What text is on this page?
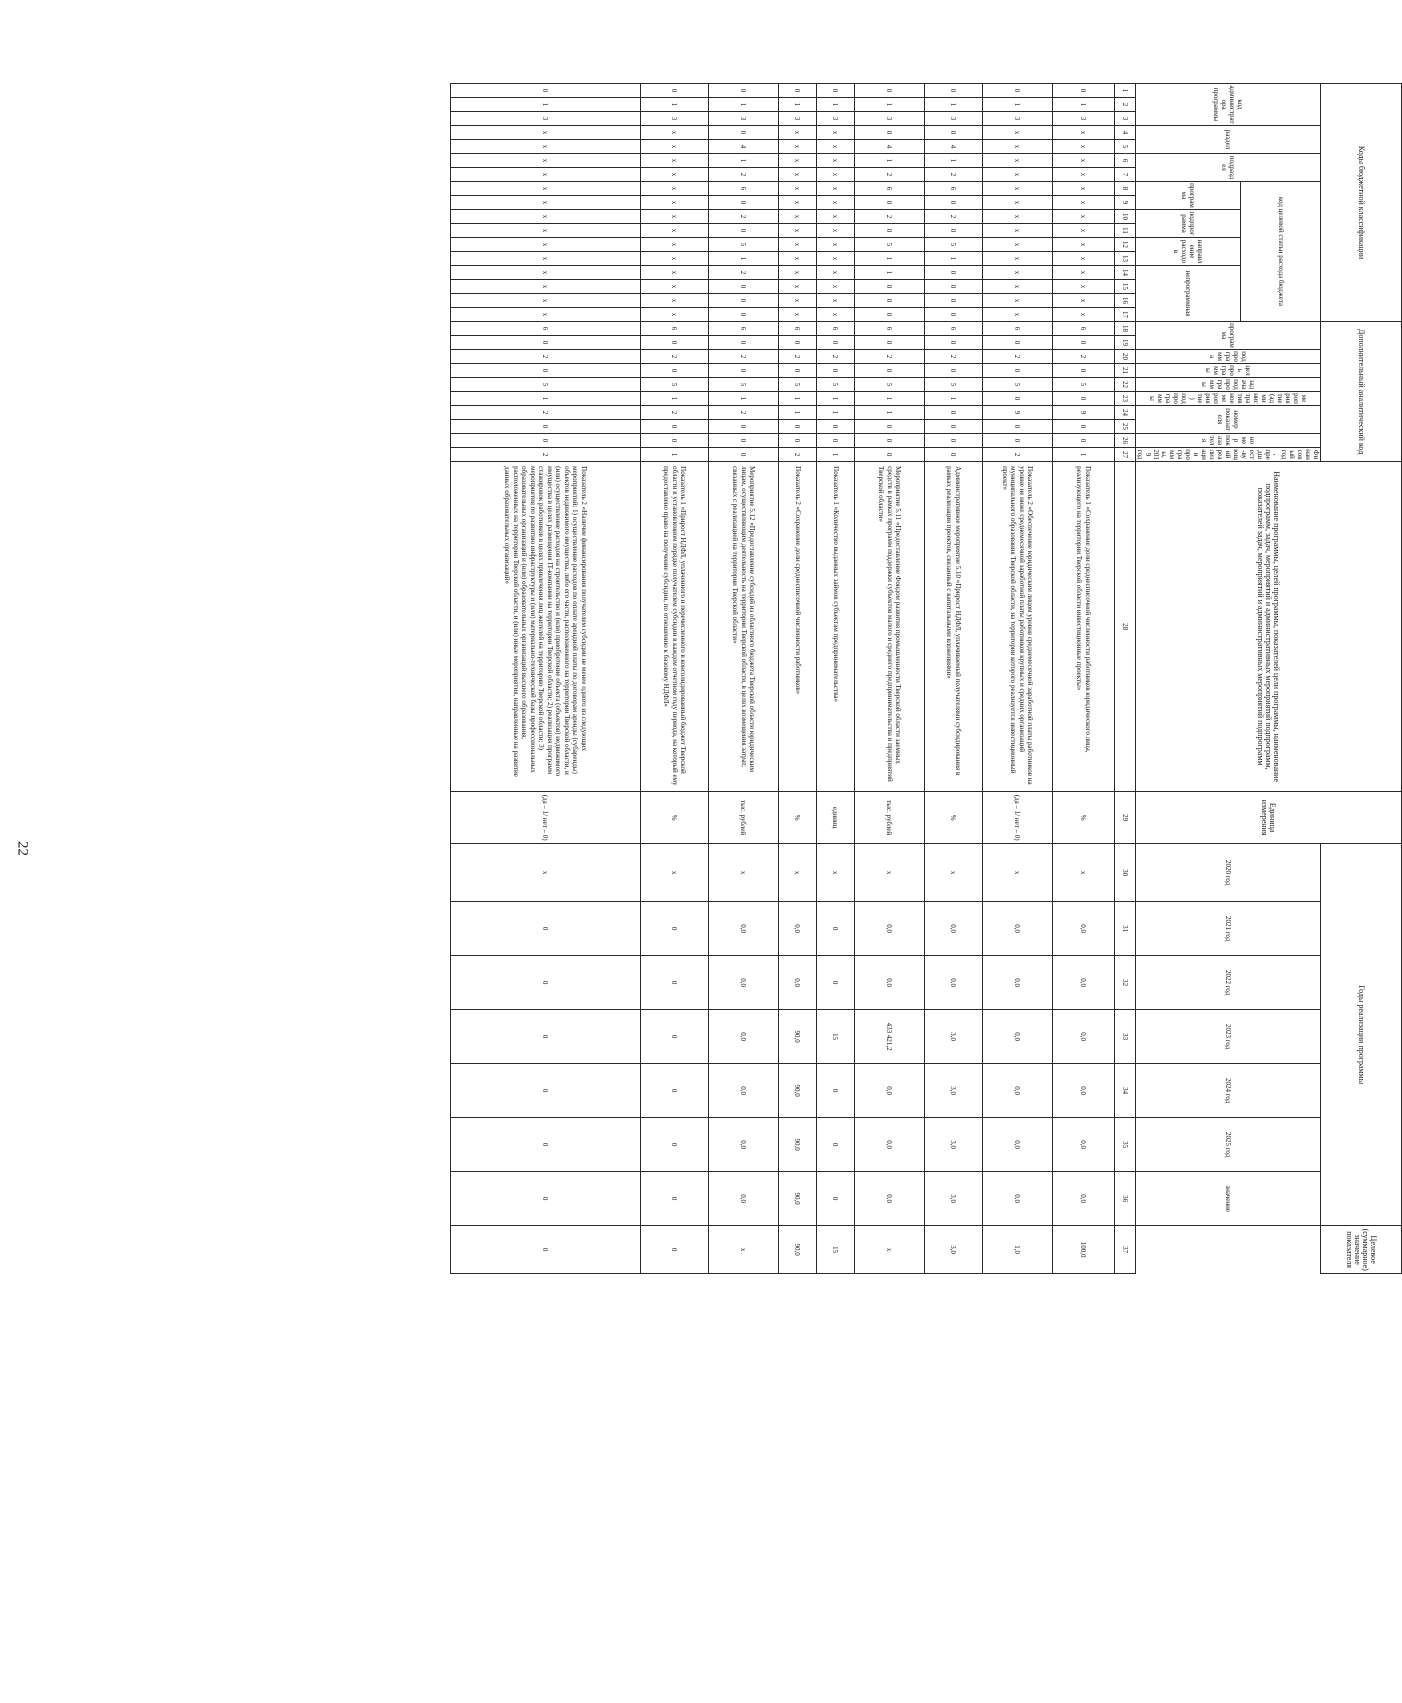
22
Коды бюджетной классификации																	Дополнительный аналитический код										Наименование программы, целей программы, показателей цели программы, наименование подпрограмм, задач, мероприятий и административных мероприятий подпрограмм, показателей задач, мероприятий и административных мероприятий подпрограмм	Единица измерения	Годы реализации программы							Целевое (суммарное) значение показателя
код администратора программы			раздел		подраздел		код целевой статьи расхода бюджета										программа		подпрограмма	цель программы	задача подпрограммы	мероприятие (административное мероприятие) подпрограммы	номер показателя		номер показателя	Финансовый год, предшест-вующий реализации программы, 2019 год			2020 год	2021 год	2022 год	2023 год	2024 год	2025 год	значение	
							программа		подпрограмма		направление расходов		непрограммная																							
1	2	3	4	5	6	7	8	9	10	11	12	13	14	15	16	17	18	19	20	21	22	23	24	25	26	27	28	29	30	31	32	33	34	35	36	37
0	1	3	х	х	х	х	х	х	х	х	х	х	х	х	х	х	6	0	2	0	5	0	9	0	0	1	Показатель 1 «Сохранение доли среднесписочной численности работников юридического лица, реализующего на территории Тверской области инвестиционные проекты»	%	х	0,0	0,0	0,0	0,0	0,0	0,0	100,0
0	1	3	х	х	х	х	х	х	х	х	х	х	х	х	х	х	6	0	2	0	5	0	9	0	0	2	Показатель 2 «Обеспечение юридическим лицом уровня среднемесячной заработной платы работников на уровне не ниже среднемесячной заработной платы работников крупных и средних организаций муниципального образования Тверской области, на территории которого реализуется инвестиционный проект»	(да – 1/ нет – 0)	х	0,0	0,0	0,0	0,0	0,0	0,0	1,0
0	1	3	0	4	1	2	6	0	2	0	5	1	0	0	0	0	6	0	2	0	5	1	0	0	0	0	Административное мероприятие 5.10 «Прирост НДФЛ, уплачиваемый получателями субсидирования в рамках реализации проектов, связанный с капитальными вложениями»	%	х	0,0	0,0	3,0	3,0	3,0	3,0	3,0
0	1	3	0	4	1	2	6	0	2	0	5	1	1	0	0	0	6	0	2	0	5	1	1	0	0	0	Мероприятие 5.11 «Предоставление Фондом развития промышленности Тверской области заемных средств в рамках программ поддержки субъектов малого и среднего предпринимательства и предприятий Тверской области»	тыс. рублей	х	0,0	0,0	433 421,2	0,0	0,0	0,0	х
0	1	3	х	х	х	х	х	х	х	х	х	х	х	х	х	х	6	0	2	0	5	1	1	0	0	1	Показатель 1 «Количество выданных займов субъектам предпринимательства»	единиц	х	0	0	15	0	0	0	15
0	1	3	х	х	х	х	х	х	х	х	х	х	х	х	х	х	6	0	2	0	5	1	1	0	0	2	Показатель 2 «Сохранение доли среднесписочной численности работников»	%	х	0,0	0,0	90,0	90,0	90,0	90,0	90,0
0	1	3	0	4	1	2	6	0	2	0	5	1	2	0	0	0	6	0	2	0	5	1	2	0	0	0	Мероприятие 5.12 «Предоставление субсидий из областного бюджета Тверской области юридическим лицам, осуществляющим деятельность на территории Тверской области, в целях возмещения затрат, связанных с реализацией на территории Тверской области»	тыс. рублей	х	0,0	0,0	0,0	0,0	0,0	0,0	х
0	1	3	х	х	х	х	х	х	х	х	х	х	х	х	х	х	6	0	2	0	5	1	2	0	0	1	Показатель 1 «Прирост НДФЛ, уплаченного и перечисленного в консолидированный бюджет Тверской области в установленном порядке получателем субсидии в каждом отчетном году периода, на который ему предоставлено право на получение субсидии, по отношению к базовому НДФЛ»	%	х	0	0	0	0	0	0	0
0	1	3	х	х	х	х	х	х	х	х	х	х	х	х	х	х	6	0	2	0	5	1	2	0	0	2	Показатель 2 «Наличие финансирования получателем субсидии не менее одного из следующих мероприятий: 1) осуществление расходов по оплате арендной платы по договорам аренды (субаренды) объектов недвижимого имущества, либо его части, расположенного на территории Тверской области, и (или) осуществление расходов на строительство и (или) приобретение объекта (объектов) недвижимого имущества в целях размещения IT-компании на территории Тверской области; 2) реализация программ стажировок работников в целях привлечения лиц жителей на территорию Тверской области; 3) мероприятия по развитию инфраструктуры и (или) материально-технической базы профессиональных образовательных организаций и (или) образовательных организаций высшего образования, расположенных на территории Тверской области, и (или) иные мероприятия, направленные на развитие данных образовательных организаций»	(да – 1/ нет – 0)	х	0	0	0	0	0	0	0
